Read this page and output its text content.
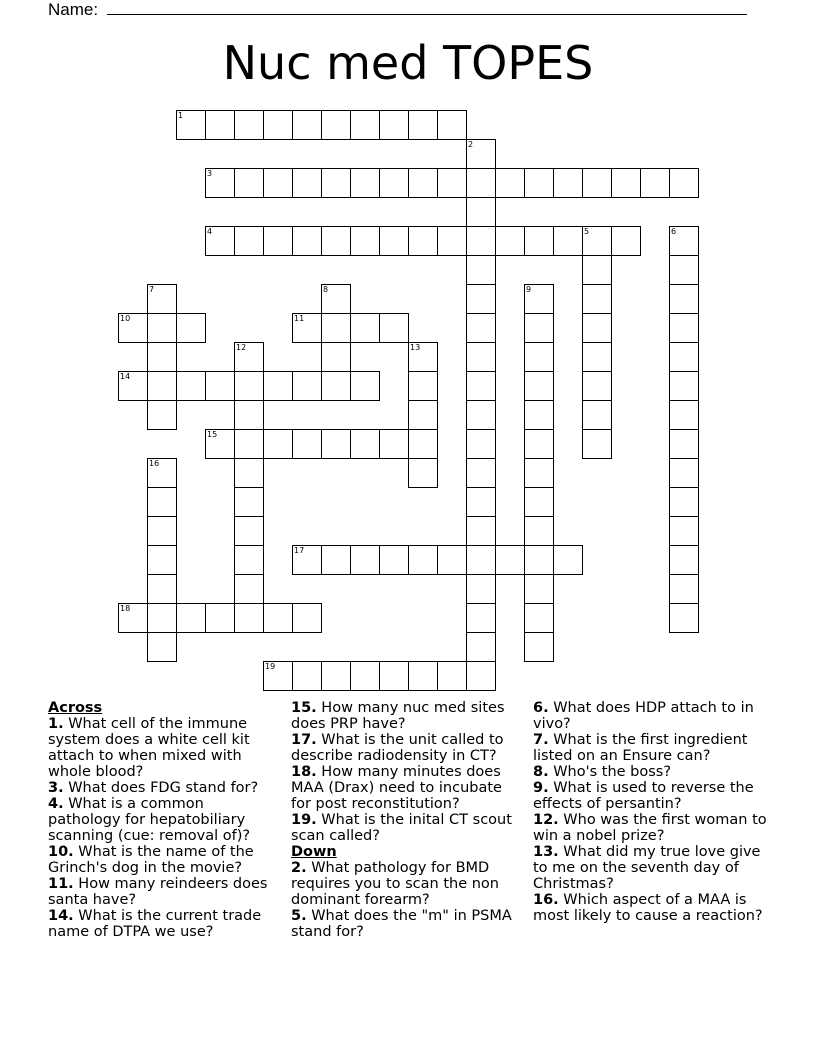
Name:
Nuc med TOPES
1
2
3
4	5	6
7	8	9
10	11
12	13
14
15
16
17
18
19

Across

1. What cell of the immune system does a white cell kit attach to when mixed with whole blood?

3. What does FDG stand for?

4. What is a common pathology for hepatobiliary scanning (cue: removal of)?

10. What is the name of the Grinch's dog in the movie?

11. How many reindeers does santa have?

14. What is the current trade name of DTPA we use?

15. How many nuc med sites does PRP have?

17. What is the unit called to describe radiodensity in CT?

18. How many minutes does MAA (Drax) need to incubate for post reconstitution?

19. What is the inital CT scout scan called?

Down

2. What pathology for BMD requires you to scan the non dominant forearm?

5. What does the "m" in PSMA stand for?

6. What does HDP attach to in vivo?

7. What is the first ingredient listed on an Ensure can?

8. Who's the boss?

9. What is used to reverse the effects of persantin?

12. Who was the first woman to win a nobel prize?

13. What did my true love give to me on the seventh day of Christmas?

16. Which aspect of a MAA is most likely to cause a reaction?
